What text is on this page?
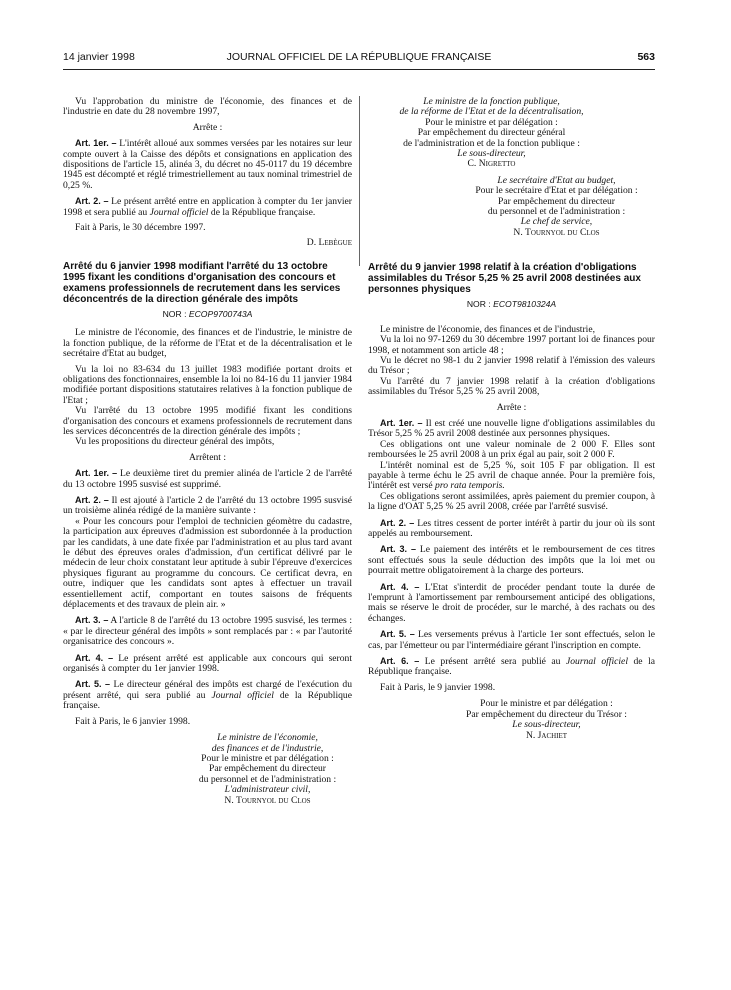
14 janvier 1998	JOURNAL OFFICIEL DE LA RÉPUBLIQUE FRANÇAISE	563

Vu l'approbation du ministre de l'économie, des finances et de l'industrie en date du 28 novembre 1997,

Arrête :

Art. 1er. – L'intérêt alloué aux sommes versées par les notaires sur leur compte ouvert à la Caisse des dépôts et consignations en application des dispositions de l'article 15, alinéa 3, du décret no 45-0117 du 19 décembre 1945 est décompté et réglé trimestriellement au taux nominal trimestriel de 0,25 %.

Art. 2. – Le présent arrêté entre en application à compter du 1er janvier 1998 et sera publié au Journal officiel de la République française.

Fait à Paris, le 30 décembre 1997.

D. Lebègue

Arrêté du 6 janvier 1998 modifiant l'arrêté du 13 octobre 1995 fixant les conditions d'organisation des concours et examens professionnels de recrutement dans les services déconcentrés de la direction générale des impôts

NOR : ECOP9700743A

Le ministre de l'économie, des finances et de l'industrie, le ministre de la fonction publique, de la réforme de l'Etat et de la décentralisation et le secrétaire d'Etat au budget,

Vu la loi no 83-634 du 13 juillet 1983 modifiée portant droits et obligations des fonctionnaires, ensemble la loi no 84-16 du 11 janvier 1984 modifiée portant dispositions statutaires relatives à la fonction publique de l'Etat ;

Vu l'arrêté du 13 octobre 1995 modifié fixant les conditions d'organisation des concours et examens professionnels de recrutement dans les services déconcentrés de la direction générale des impôts ;

Vu les propositions du directeur général des impôts,

Arrêtent :

Art. 1er. – Le deuxième tiret du premier alinéa de l'article 2 de l'arrêté du 13 octobre 1995 susvisé est supprimé.

Art. 2. – Il est ajouté à l'article 2 de l'arrêté du 13 octobre 1995 susvisé un troisième alinéa rédigé de la manière suivante :

« Pour les concours pour l'emploi de technicien géomètre du cadastre, la participation aux épreuves d'admission est subordonnée à la production par les candidats, à une date fixée par l'administration et au plus tard avant le début des épreuves orales d'admission, d'un certificat délivré par le médecin de leur choix constatant leur aptitude à subir l'épreuve d'exercices physiques figurant au programme du concours. Ce certificat devra, en outre, indiquer que les candidats sont aptes à effectuer un travail essentiellement actif, comportant en toutes saisons de fréquents déplacements et des travaux de plein air. »

Art. 3. – A l'article 8 de l'arrêté du 13 octobre 1995 susvisé, les termes : « par le directeur général des impôts » sont remplacés par : « par l'autorité organisatrice des concours ».

Art. 4. – Le présent arrêté est applicable aux concours qui seront organisés à compter du 1er janvier 1998.

Art. 5. – Le directeur général des impôts est chargé de l'exécution du présent arrêté, qui sera publié au Journal officiel de la République française.

Fait à Paris, le 6 janvier 1998.

Le ministre de l'économie,
des finances et de l'industrie,
Pour le ministre et par délégation :
Par empêchement du directeur
du personnel et de l'administration :
L'administrateur civil,
N. Tournyol du Clos
Le ministre de la fonction publique,
de la réforme de l'Etat et de la décentralisation,
Pour le ministre et par délégation :
Par empêchement du directeur général
de l'administration et de la fonction publique :
Le sous-directeur,
C. Nigretto
Le secrétaire d'Etat au budget,
Pour le secrétaire d'Etat et par délégation :
Par empêchement du directeur
du personnel et de l'administration :
Le chef de service,
N. Tournyol du Clos

Arrêté du 9 janvier 1998 relatif à la création d'obligations assimilables du Trésor 5,25 % 25 avril 2008 destinées aux personnes physiques

NOR : ECOT9810324A

Le ministre de l'économie, des finances et de l'industrie,

Vu la loi no 97-1269 du 30 décembre 1997 portant loi de finances pour 1998, et notamment son article 48 ;

Vu le décret no 98-1 du 2 janvier 1998 relatif à l'émission des valeurs du Trésor ;

Vu l'arrêté du 7 janvier 1998 relatif à la création d'obligations assimilables du Trésor 5,25 % 25 avril 2008,

Arrête :

Art. 1er. – Il est créé une nouvelle ligne d'obligations assimilables du Trésor 5,25 % 25 avril 2008 destinée aux personnes physiques.

Ces obligations ont une valeur nominale de 2 000 F. Elles sont remboursées le 25 avril 2008 à un prix égal au pair, soit 2 000 F.

L'intérêt nominal est de 5,25 %, soit 105 F par obligation. Il est payable à terme échu le 25 avril de chaque année. Pour la première fois, l'intérêt est versé pro rata temporis.

Ces obligations seront assimilées, après paiement du premier coupon, à la ligne d'OAT 5,25 % 25 avril 2008, créée par l'arrêté susvisé.

Art. 2. – Les titres cessent de porter intérêt à partir du jour où ils sont appelés au remboursement.

Art. 3. – Le paiement des intérêts et le remboursement de ces titres sont effectués sous la seule déduction des impôts que la loi met ou pourrait mettre obligatoirement à la charge des porteurs.

Art. 4. – L'Etat s'interdit de procéder pendant toute la durée de l'emprunt à l'amortissement par remboursement anticipé des obligations, mais se réserve le droit de procéder, sur le marché, à des rachats ou des échanges.

Art. 5. – Les versements prévus à l'article 1er sont effectués, selon le cas, par l'émetteur ou par l'intermédiaire gérant l'inscription en compte.

Art. 6. – Le présent arrêté sera publié au Journal officiel de la République française.

Fait à Paris, le 9 janvier 1998.

Pour le ministre et par délégation :
Par empêchement du directeur du Trésor :
Le sous-directeur,
N. Jachiet
